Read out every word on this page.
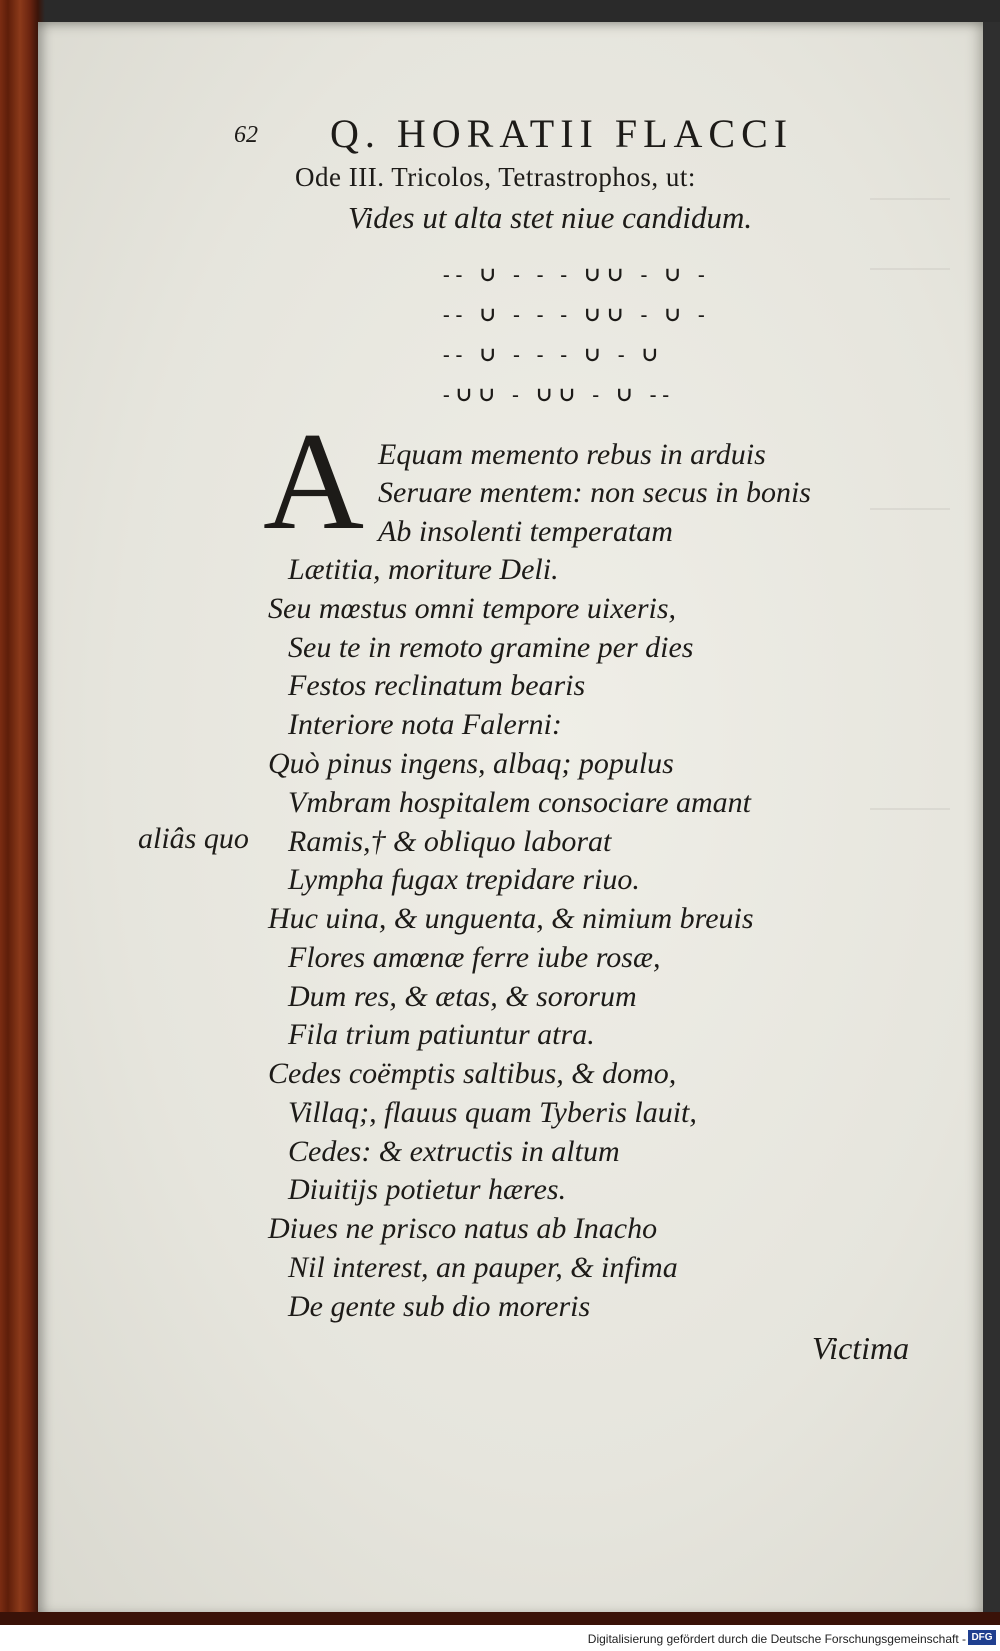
62 Q. HORATII FLACCI
Ode III. Tricolos, Tetrastrophos, ut:
Vides ut alta stet niue candidum.
-- ∪ - - - ∪∪ - ∪ -
-- ∪ - - - ∪∪ - ∪ -
-- ∪ - - - ∪ - ∪
-∪∪ - ∪∪ - ∪ --
A Equam memento rebus in arduis
Seruare mentem: non secus in bonis
Ab insolenti temperatam
Lætitia, moriture Deli.
Seu mœstus omni tempore uixeris,
Seu te in remoto gramine per dies
Festos reclinatum bearis
Interiore nota Falerni:
Quò pinus ingens, albaq; populus
Vmbram hospitalem consociare amant
Ramis,† & obliquo laborat
Lympha fugax trepidare riuo.
Huc uina, & unguenta, & nimium breuis
Flores amœnæ ferre iube rosæ,
Dum res, & ætas, & sororum
Fila trium patiuntur atra.
Cedes coëmptis saltibus, & domo,
Villaq;, flauus quam Tyberis lauit,
Cedes: & extructis in altum
Diuitijs potietur hæres.
Diues ne prisco natus ab Inacho
Nil interest, an pauper, & infima
De gente sub dio moreris
aliâs quo
Victima
Digitalisierung gefördert durch die Deutsche Forschungsgemeinschaft - DFG
